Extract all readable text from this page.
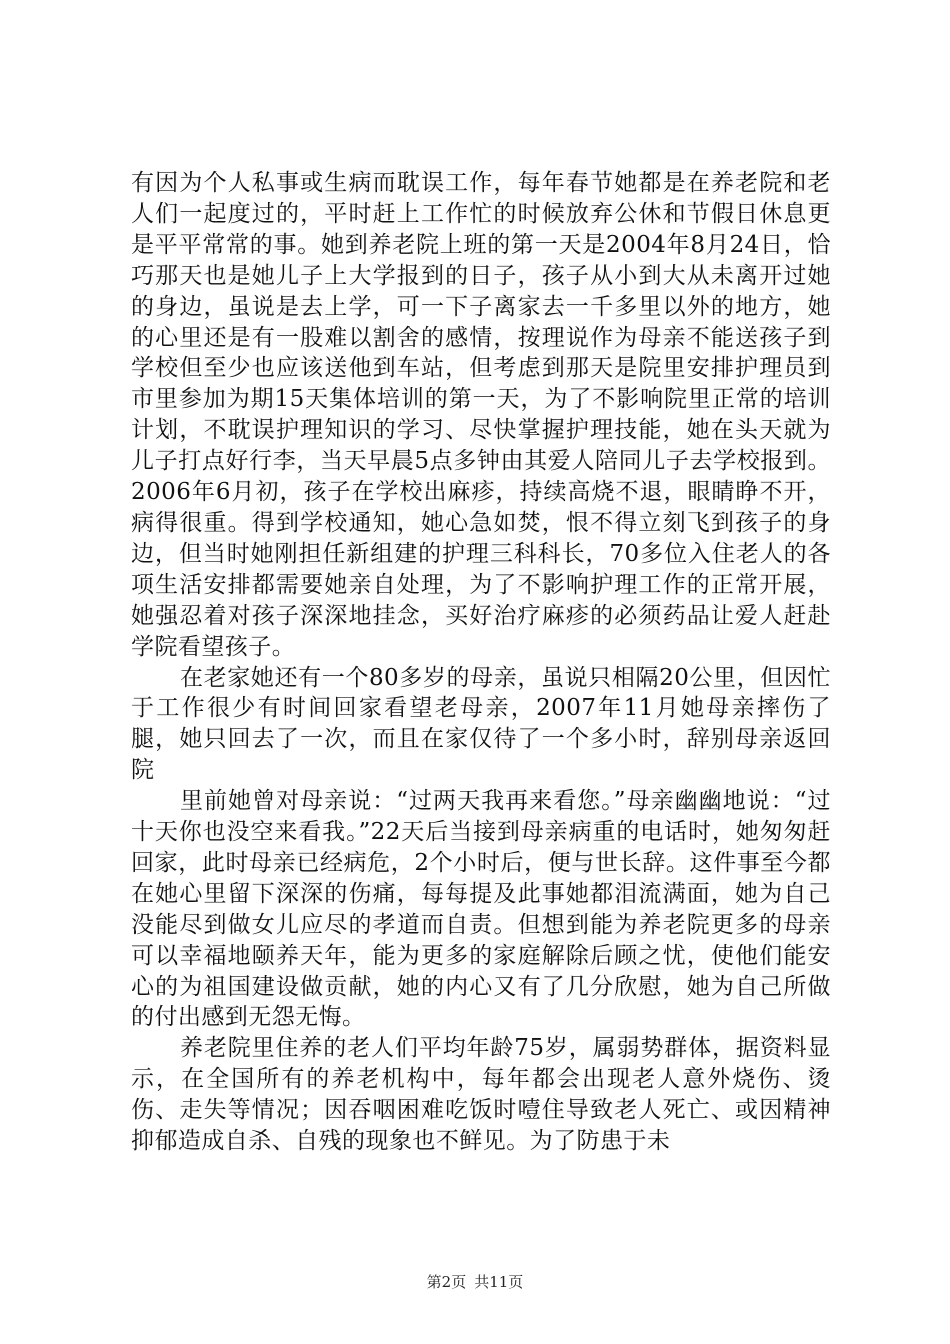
有因为个人私事或生病而耽误工作，每年春节她都是在养老院和老人们一起度过的，平时赶上工作忙的时候放弃公休和节假日休息更是平平常常的事。她到养老院上班的第一天是2004年8月24日，恰巧那天也是她儿子上大学报到的日子，孩子从小到大从未离开过她的身边，虽说是去上学，可一下子离家去一千多里以外的地方，她的心里还是有一股难以割舍的感情，按理说作为母亲不能送孩子到学校但至少也应该送他到车站，但考虑到那天是院里安排护理员到市里参加为期15天集体培训的第一天，为了不影响院里正常的培训计划，不耽误护理知识的学习、尽快掌握护理技能，她在头天就为儿子打点好行李，当天早晨5点多钟由其爱人陪同儿子去学校报到。2006年6月初，孩子在学校出麻疹，持续高烧不退，眼睛睁不开，病得很重。得到学校通知，她心急如焚，恨不得立刻飞到孩子的身边，但当时她刚担任新组建的护理三科科长，70多位入住老人的各项生活安排都需要她亲自处理，为了不影响护理工作的正常开展，她强忍着对孩子深深地挂念，买好治疗麻疹的必须药品让爱人赶赴学院看望孩子。

在老家她还有一个80多岁的母亲，虽说只相隔20公里，但因忙于工作很少有时间回家看望老母亲，2007年11月她母亲摔伤了腿，她只回去了一次，而且在家仅待了一个多小时，辞别母亲返回院

里前她曾对母亲说：“过两天我再来看您。”母亲幽幽地说：“过十天你也没空来看我。”22天后当接到母亲病重的电话时，她匆匆赶回家，此时母亲已经病危，2个小时后，便与世长辞。这件事至今都在她心里留下深深的伤痛，每每提及此事她都泪流满面，她为自己没能尽到做女儿应尽的孝道而自责。但想到能为养老院更多的母亲可以幸福地颐养天年，能为更多的家庭解除后顾之忧，使他们能安心的为祖国建设做贡献，她的内心又有了几分欣慰，她为自己所做的付出感到无怨无悔。

养老院里住养的老人们平均年龄75岁，属弱势群体，据资料显示，在全国所有的养老机构中，每年都会出现老人意外烧伤、烫伤、走失等情况；因吞咽困难吃饭时噎住导致老人死亡、或因精神抑郁造成自杀、自残的现象也不鲜见。为了防患于未

第2页 共11页
